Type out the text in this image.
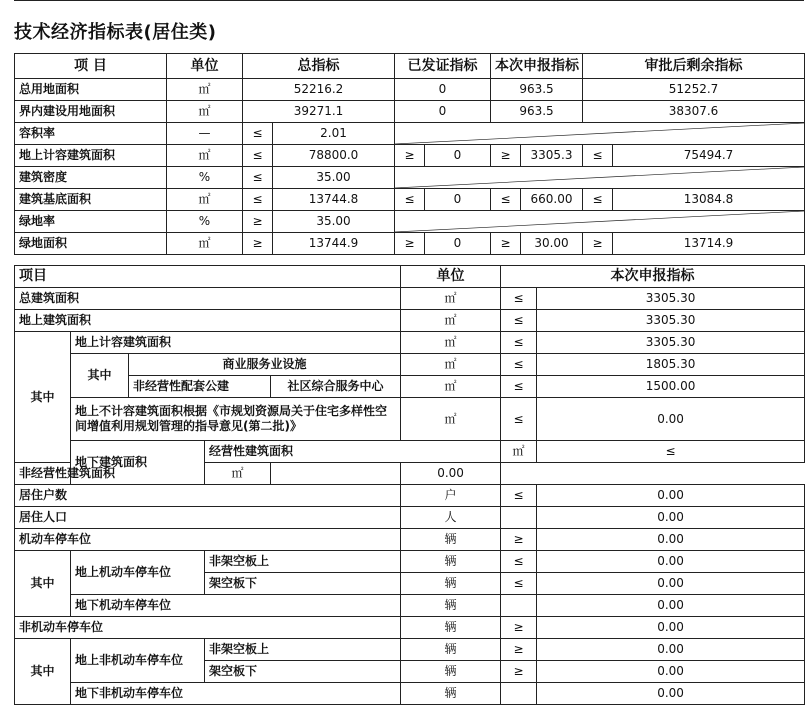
技术经济指标表(居住类)
项 目	单位	总指标		已发证指标		本次申报指标		审批后剩余指标	
总用地面积	㎡	52216.2		0		963.5		51252.7	
界内建设用地面积	㎡	39271.1		0		963.5		38307.6	
容积率	—	≤	2.01	

地上计容建筑面积	㎡	≤	78800.0	≥	0	≥	3305.3	≤	75494.7
建筑密度	%	≤	35.00	

建筑基底面积	㎡	≤	13744.8	≤	0	≤	660.00	≤	13084.8
绿地率	%	≥	35.00	

绿地面积	㎡	≥	13744.9	≥	0	≥	30.00	≥	13714.9
项目					单位	本次申报指标		
总建筑面积					㎡	≤	3305.30	
地上建筑面积					㎡	≤	3305.30	
其中	地上计容建筑面积				㎡	≤	3305.30	
	其中	商业服务业设施			㎡	≤	1805.30	
		非经营性配套公建		社区综合服务中心	㎡	≤	1500.00	
	地上不计容建筑面积根据《市规划资源局关于住宅多样性空间增值利用规划管理的指导意见(第二批)》				㎡	≤	0.00	
	地下建筑面积		经营性建筑面积			㎡	≤	
非经营性建筑面积			㎡		0.00			
居住户数					户	≤	0.00	
居住人口					人		0.00	
机动车停车位					辆	≥	0.00	
其中	地上机动车停车位		非架空板上		辆	≤	0.00	
			架空板下		辆	≤	0.00	
	地下机动车停车位				辆		0.00	
非机动车停车位					辆	≥	0.00	
其中	地上非机动车停车位		非架空板上		辆	≥	0.00	
			架空板下		辆	≥	0.00	
	地下非机动车停车位				辆		0.00	
